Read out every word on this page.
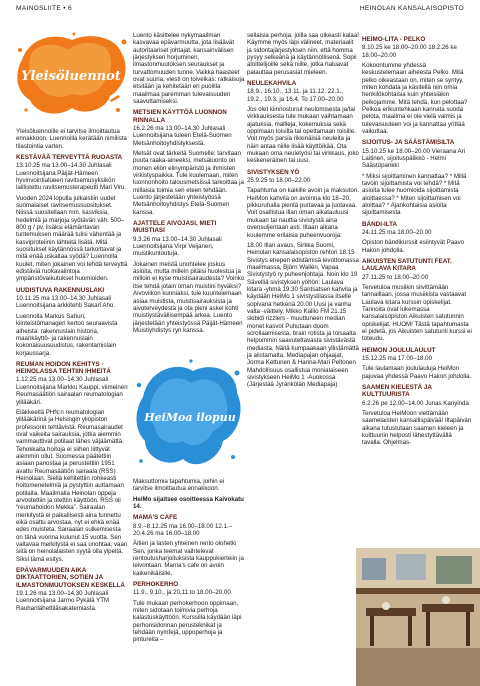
MAINOSLIITE • 6	HEINOLAN KANSALAISOPISTO
Yleisöluennot

Yleisöluennoille ei tarvitse ilmoittautua ennakkoon. Luennoilla kerätään nimilista tilastointia varten.

KESTÄVÄÄ TERVEYTTÄ RUOASTA

13.10.25 ma 13.00–14.30 Juhlasali Luennoitsijana Päijät-Hämeen hyvinvointialueen ravitsemusyksikön laillistettu ravitsemusterapeutti Mari Viru.

Vuoden 2024 lopulla julkaistiin uudet suomalaiset ravitsemussuositukset. Niissä suositellaan mm. kasviksia, hedelmiä ja marjoja syötävän väh. 500–800 g / pv, lisäksi elämäntavan tuntemuksen määrää tulisi vähentää ja kasviproteiinin lähteitä lisätä. Mitä suositukset käytännössä tarkoittavat ja mitä enää uskaltaa syödä? Luennolla kuulet, miten jokainen voi tehdä terveyttä edistäviä ruokavalintoja ympäristövaikutukset huomioiden.

UUDISTUVA RAKENNUSLAKI

10.11.25 ma 13.00–14.30 Juhlasali Luennoitsijana arkkitehti Sakari Aho.

Luennolla Markus Sahuri, kiinteistömanageri kertoo seuraavista aiheista: rakennuslain historia, maankäyttö- ja rakennuslain kokonaisuusuudistus, rakentamislain korjaussarja.

REUMAN HOIDON KEHITYS - HEINOLASSA TEHTIIN IHMEITÄ

1.12.25 ma 13.00–14.30 Juhlasali Luennoitsijana Markku Kauppi, viimeinen Reumasäätiön sairaalan reumatologian ylilääkäri.

Eläkkeellä PHN:n reumatologian ylilääkärinä ja Helsingin yliopiston professorin tehtävistä. Reumasairaudet ovat vaikeita sairauksia, jotka aiemmin vammauttivat potilaat lähes väjäämättä. Tehokkaita hoitoja ei siihen liittyvät aiemmin ollut. Suomessa päätettiin asiaan panostaa ja perustettiin 1951 avattu Reumasäätiön sairaala (RSS) Heinolaan. Siellä kehitettiin rohkeasti hoitomenetelmiä ja pystyttiin auttamaan potilaita. Maailmalla Heinolan oppeja arvostettiin ja otettiin käyttöön. RSS oli “reumahoidon Mekka”. Sairaalan merkitystä ei paikallisesti aina tunnettu eikä osattu arvostaa, nyt ei ehkä enää edes muisteta. Sairaalan sulkemisesta on tänä vuonna kulunut 15 vuotta. Sen valtavaa merkitystä ei saa unohtaa, vaan siitä on heinolalaisten syytä olla ylpeitä. Siksi tämä esitys.

EPÄVARMUUDEN AIKA DIKTAATTORIEN, SOTIEN JA ILMASTONMUUTOKSEN KESKELLÄ

19.1.26 ma 13.00–14.30 Juhlasali Luennoitsijana Jarmo Pykälä YTM Rauhanlähettiläsakatemiasta.

Luento käsittelee nykymaailman kasvavaa epävarmuutta, jota lisäävät autoritaariset johtajat, kansainvälisen järjestyksen horjuminen, ilmastonmuutoksen seuraukset ja turvattomuuden tunne. Vaikka haasteet ovat suuria, viesti on toiveikas: ratkaisuja etsitään ja kehitetään eri puolilla maailmaa paremman tulevaisuuden saavuttamiseksi.

METSIEN KÄYTTÖÄ LUONNON RINNALLA

16.2.26 ma 13.00–14.30 Juhlasali Luennoitsijana tuleen Etelä-Suomen Metsänhoitoyhdistyksestä.

Metsät ovat tärkeitä Suomelle: tarvitaan puuta raaka-aineeksi, metsäluonto on monen eliön elinympäristö ja ihmisten virkistyspaikka. Tule kuulemaan, miten luonnonhoito talousmetsissä tarkoittaa ja millaisia toimia sen eteen tehdään. Luento järjestetään yhteistyössä Metsänhoitoyhdistys Etelä-Suomen kanssa.

AJATTELE AIVOJASI, MIETI MUISTIASI

9.3.26 ma 13.00–14.30 Juhlasali Luennoitsijana Virpi Veijanen, muistikuntoutuja.

Jokainen meistä unohtelee joskus asioita, mutta millein pitäisi huolestua ja milloin ei kyse muistisairaudesta? Voinko itse tehdä jotain oman muistini hyväksi? Aivoviikon kunniaksi, tule kuuntelemaan asiaa muistista, muistisairauksista ja aivoterveydestä ja ota pieni askel kohti muistiystävällisempää arkea. Luento järjestetään yhteistyössä Päijät-Hämeen Muistiyhdistys ryn kanssa.

HeiMoa ilopuu

Maksuttomia tapahtumia, joihin ei tarvitse ilmoittautua ennakkoon.

HeiMo sijaitsee osoitteessa Kaivokatu 14.
MAMA'S CAFE

8.9.–8.12.25 ma 16.00–18.00 12.1.–20.4.26 ma 16.00–18.00

Äitien ja lasten yhteinen rento olohetki Sen, jonka teemat vaihtelevat rentoutusharjoituksista kauppukierteiin ja leivontaan. Mama's cafe on avoin kaikenikäisille.

PERHOKERHO

11.9., 9.10., ja 20.11.to 18.00–20.00

Tule mukaan perhokerhoon oppimaan, miten sidotaan toimivia perhoja kalastuskäyttöön. Kurssilla käydään läpi perhonsidonnan perusteknikat ja tehdään nymfejä, uppoperhoja ja pintureita –

sellaisia perhoja, joilla saa oikeasti kalaa! Käymme myös läpi välineet, materiaalit ja sidontajärjestyksen niin, että homma pysyy selkeänä ja käytännöllisenä. Sopii aloittelijoille sekä niille, jotka haluavat palauttaa perusasiat mieleen.

NEULEKAHVILA

18.9., 16.10., 13.11. ja 11.12. 22.1., 19.2., 19.3. ja 16.4. To 17.00–20.00

Jos olet kiinnostunut neulomisesta ja/tai virkkauksesta tule mukaan vaihtamaan ajatuksia, mallleja, kokemuksia sekä oppimaan toisilta tai opettamaan toisille. Voit myös parsia rikkinäisiä neuleita ja näin antaa niille lisää käyttöikää. Ota mukaan oma neuletyösi tai virkkaus, joko keskeneräinen tai uusi.

SIVISTYKSEN YÖ

25.9.25 to 18.00–22.00

Tapahtuma on kaikille avoin ja maksuton. HeiMon kahvila on avoinna klo 18–20, pikkuruhalla pientä purtavaa ja juotavaa. Voit osallistua illan oman aikatauluusi mukaan tai nauttia sivistystä aina ovensuljentaan asti. Iltaan aikana kuulemme erilaisia puheenvuoroja:

18.00 Illan avaus, Sirkka Suomi, Heinolan kansalaisopiston rehtori 18.15 Sivistys ehepen edistämisä levottomassa maailmassa, Björn Wallén, Vapaa Sivistystyö ry puheenjohtaja. Noin klo 19 Sävelliä sivistyksen yöhön: Laulava kitara -yhmä 19.30 Santsatsen kahvila ja käydään HeiMo 1 sivistystilassa itselle sopivana hetkenä 20.00 Uusi ja vanha valta -väittely, Mikko Kallio FM 21.15 skibidi rizzlers - muuttuneen median monet kasvot Puhutaan doom scrollaamisesta, brain rotista ja toisaalta helpommin saavutettavasta sivistävästä mediasta. Näitä kumpaakaan yllistämättä ja alistamatta. Mediapajan ohjaajat, Jorma Kettunen & Hanna-Mari Peltonen Mahdollisuus osallistua monialaiseen sivistykseen HeiMo 1 -Auokossa (Järjestää Jyränkölän Mediapaja)

HEIMO-LITA - PELKO

8.10.25 ke 18.00–20.00 18.2.26 ke 18.00–20.00

Kokoontumme yhdessä keskustelemaan aiheesta Pelko. Mitä pelko oikeastaan on, miten se syntyy, miten kohdata ja käsitellä niin omia henkilökohtaisia kuin yhteisiäkin pelkojamme. Mitä tehdä, kun pelottaa? Pelkoa erikuntehkaan kannata suoda pelota, maailma ei ole vielä valmis ja tulevaisuuteen voi ja kannattaa yrittää vaikuttaa.

SIJOITUS- JA SÄÄSTÄMISILTA

15.10.25 ke 18.00–20.00 Vieraana Ari Laitinen, sijoituspälikkö - Helmi Säästöpankki

* Miksi sijoittaminen kannattaa? * Millä tavoin sijoittamista voi tehdä? * Mitä asioita tulee huomioida sijoittamista aloittaessa? * Miten sijoittamisen voi aloittaa? * Ajankohtaisia asioita sijoittamisesta

BÄNDI-ILTA

24.11.25 ma 18.00–20.00

Opiston bändikurssit esiintyvät Paavo Hakon johdolla.

AIKUISTEN SATUTUNTI FEAT. LAULAVA KITARA

27.11.25 to 18.00–20.00

Tervetuloa musiikin siivittämään tarinaillaan, jossa musiikista vastaavat Laulava kitara kurssin opiskelijat. Tarinoita ovat lukemassa kansalaisopiston Aikuisten satutunnin opiskelijat. HUOM! Tästä tapahtumasta ei pidetä, jos Aikuisten satutunti kurssi ei toteudu.

HEIMON JOULULAULUT

15.12.25 ma 17.00–18.00

Tule laulamaan joululauluja HeiMon pajuvaa yhdessä Paavo Hakon johdolla.

SAAMEN KIELESTÄ JA KULTTUURISTA

6.2.26 pe 12.00–14.00 Junas Kanyinda

Tervetuloa HeiMoon viettämään saamelaisten kansallispäivää! Iltapäivän aikana tutustutaan saamen kieleen ja kulttuuriin helposti lähestyttävällä tavalla. Ohjelmas-
